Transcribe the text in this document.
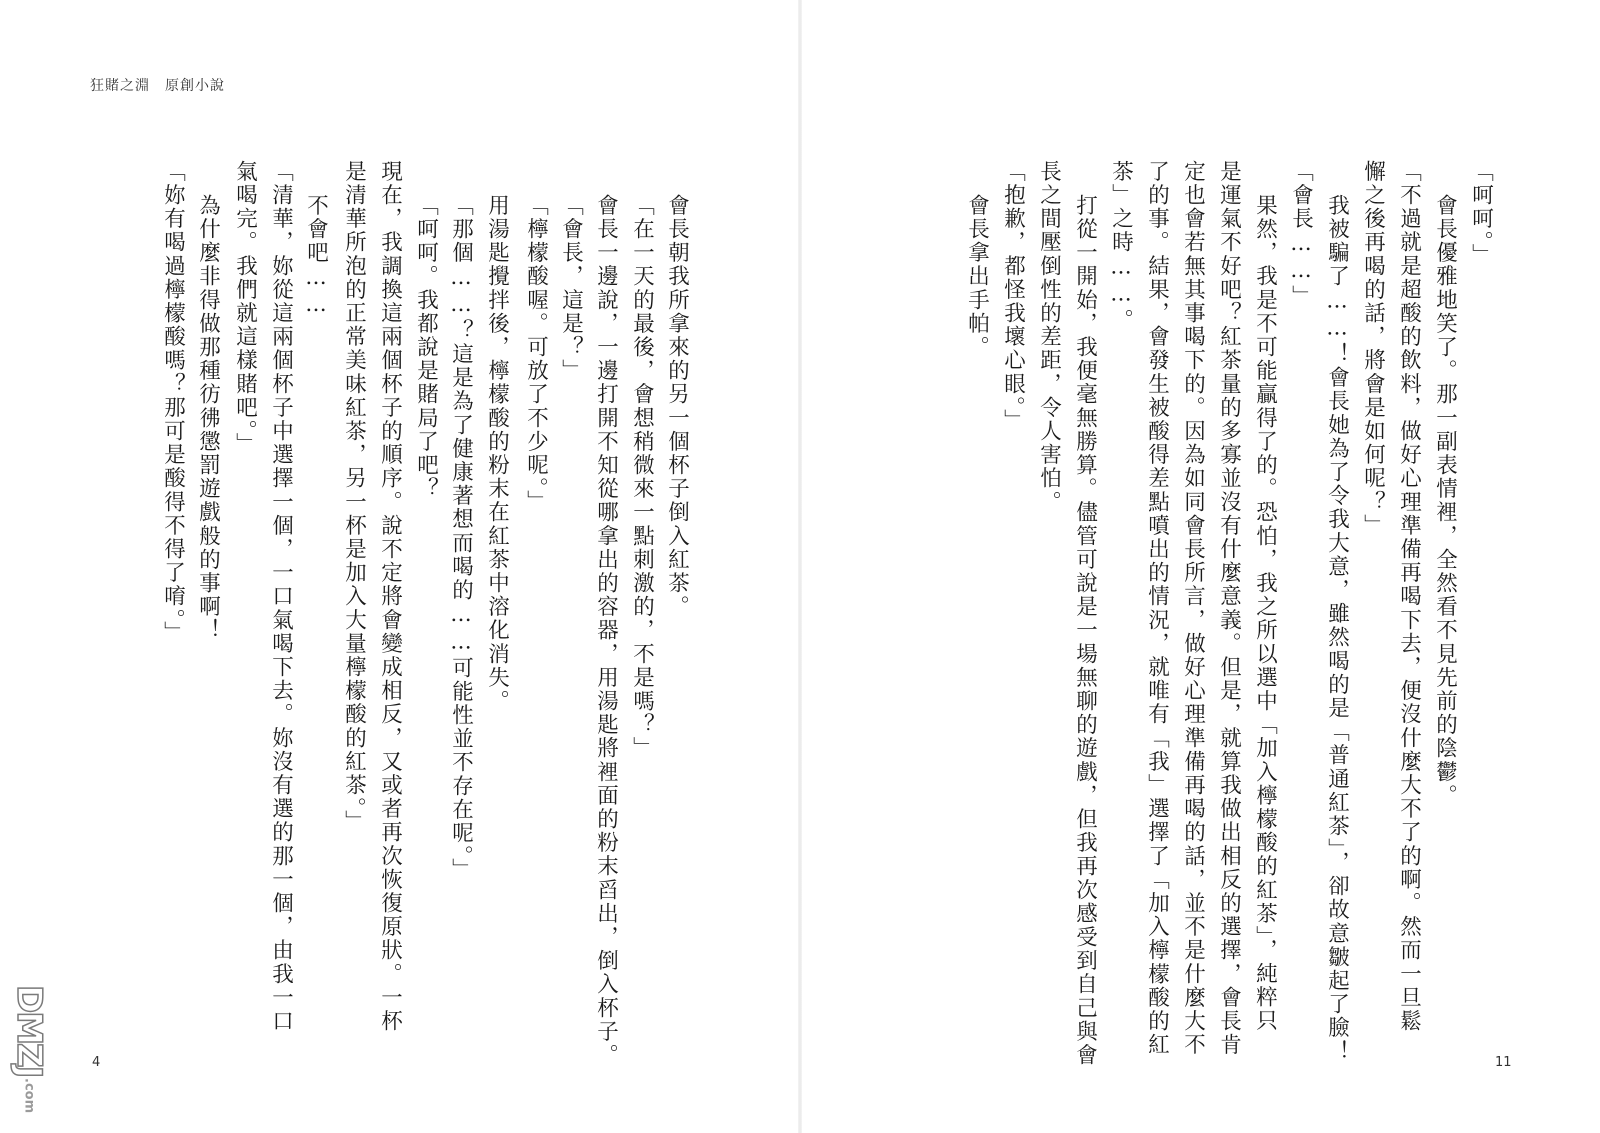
狂賭之淵　原創小說
會長朝我所拿來的另一個杯子倒入紅茶。
「在一天的最後，會想稍微來一點刺激的，不是嗎？」
會長一邊說，一邊打開不知從哪拿出的容器，用湯匙將裡面的粉末舀出，倒入杯子。
「會長，這是？」
「檸檬酸喔。可放了不少呢。」
用湯匙攪拌後，檸檬酸的粉末在紅茶中溶化消失。
「那個……？這是為了健康著想而喝的……可能性並不存在呢。」
「呵呵。我都說是賭局了吧？
現在，我調換這兩個杯子的順序。說不定將會變成相反，又或者再次恢復原狀。一杯
是清華所泡的正常美味紅茶，另一杯是加入大量檸檬酸的紅茶。」
不會吧……
「清華，妳從這兩個杯子中選擇一個，一口氣喝下去。妳沒有選的那一個，由我一口
氣喝完。我們就這樣賭吧。」
為什麼非得做那種彷彿懲罰遊戲般的事啊！
「妳有喝過檸檬酸嗎？那可是酸得不得了唷。」
4
「呵呵。」
會長優雅地笑了。那一副表情裡，全然看不見先前的陰鬱。
「不過就是超酸的飲料，做好心理準備再喝下去，便沒什麼大不了的啊。然而一旦鬆
懈之後再喝的話，將會是如何呢？」
我被騙了……！會長她為了令我大意，雖然喝的是「普通紅茶」，卻故意皺起了臉！
「會長……」
果然，我是不可能贏得了的。恐怕，我之所以選中「加入檸檬酸的紅茶」，純粹只
是運氣不好吧？紅茶量的多寡並沒有什麼意義。但是，就算我做出相反的選擇，會長肯
定也會若無其事喝下的。因為如同會長所言，做好心理準備再喝的話，並不是什麼大不
了的事。結果，會發生被酸得差點噴出的情況，就唯有「我」選擇了「加入檸檬酸的紅
茶」之時……。
打從一開始，我便毫無勝算。儘管可說是一場無聊的遊戲，但我再次感受到自己與會
長之間壓倒性的差距，令人害怕。
「抱歉，都怪我壞心眼。」
會長拿出手帕。
11
DMZJ
.com
